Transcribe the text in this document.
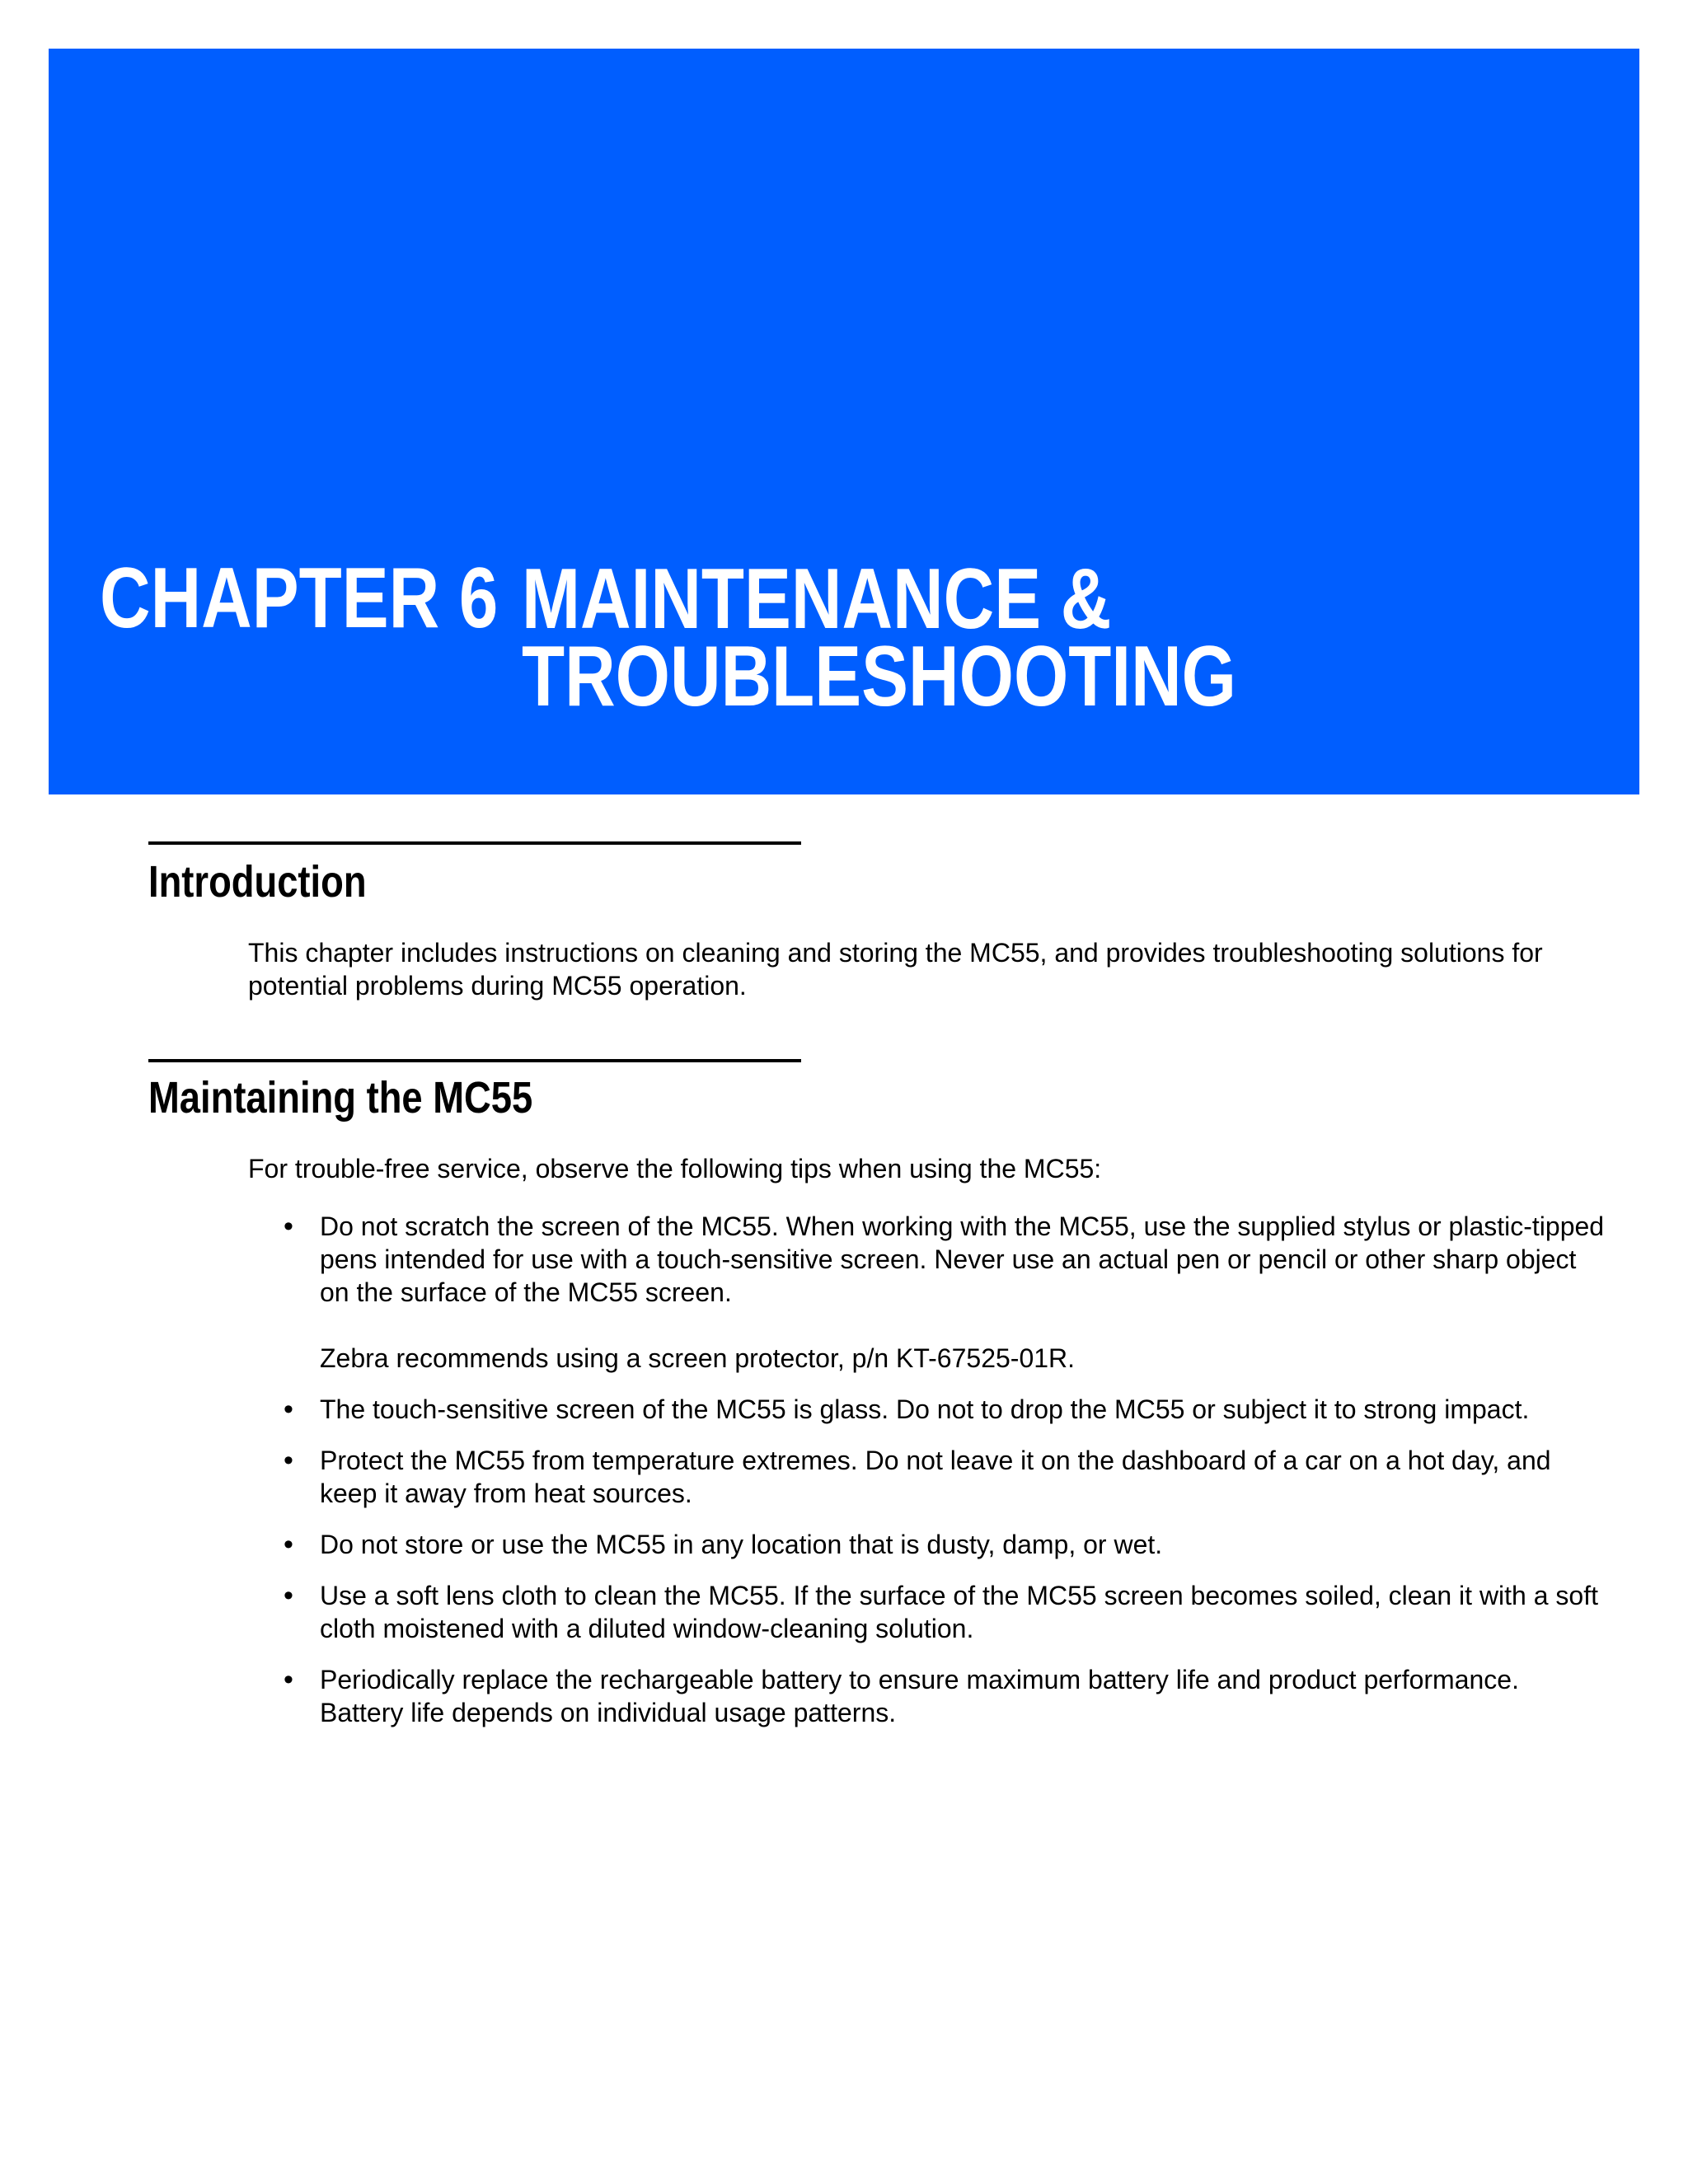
CHAPTER 6 MAINTENANCE &
TROUBLESHOOTING
Introduction
This chapter includes instructions on cleaning and storing the MC55, and provides troubleshooting solutions for potential problems during MC55 operation.
Maintaining the MC55
For trouble-free service, observe the following tips when using the MC55:
• Do not scratch the screen of the MC55. When working with the MC55, use the supplied stylus or plastic-tipped pens intended for use with a touch-sensitive screen. Never use an actual pen or pencil or other sharp object on the surface of the MC55 screen.
Zebra recommends using a screen protector, p/n KT-67525-01R.
• The touch-sensitive screen of the MC55 is glass. Do not to drop the MC55 or subject it to strong impact.
• Protect the MC55 from temperature extremes. Do not leave it on the dashboard of a car on a hot day, and keep it away from heat sources.
• Do not store or use the MC55 in any location that is dusty, damp, or wet.
• Use a soft lens cloth to clean the MC55. If the surface of the MC55 screen becomes soiled, clean it with a soft cloth moistened with a diluted window-cleaning solution.
• Periodically replace the rechargeable battery to ensure maximum battery life and product performance. Battery life depends on individual usage patterns.
